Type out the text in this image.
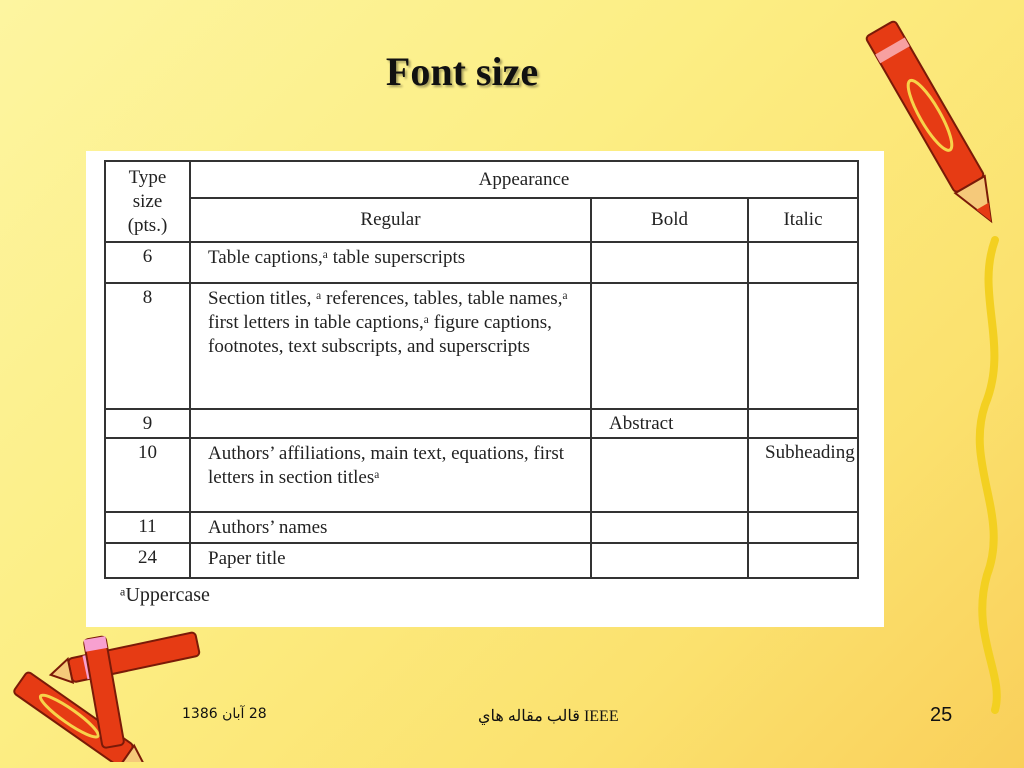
Font size
Type
size
(pts.)	Appearance		
	Regular	Bold	Italic
6	Table captions,ᵃ table superscripts		
8	Section titles, ᵃ references, tables, table names,ᵃ first letters in table captions,ᵃ figure captions, footnotes, text subscripts, and superscripts		
9		Abstract	
10	Authors’ affiliations, main text, equations, first letters in section titlesᵃ		Subheading
11	Authors’ names		
24	Paper title		
ᵃUppercase
28 آبان 1386	قالب مقاله هاي IEEE	25
